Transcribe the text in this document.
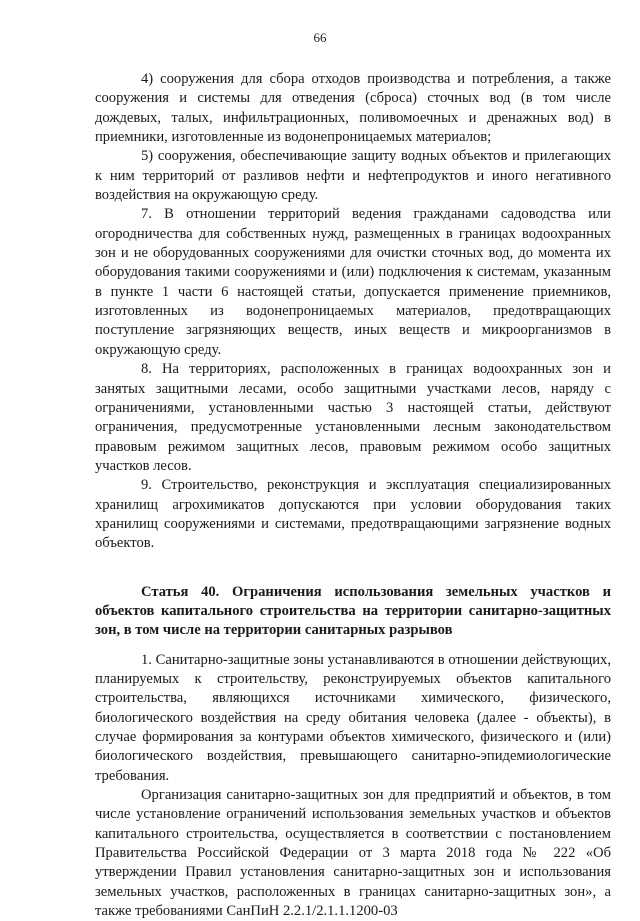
66

4) сооружения для сбора отходов производства и потребления, а также сооружения и системы для отведения (сброса) сточных вод (в том числе дождевых, талых, инфильтрационных, поливомоечных и дренажных вод) в приемники, изготовленные из водонепроницаемых материалов;

5) сооружения, обеспечивающие защиту водных объектов и прилегающих к ним территорий от разливов нефти и нефтепродуктов и иного негативного воздействия на окружающую среду.

7. В отношении территорий ведения гражданами садоводства или огородничества для собственных нужд, размещенных в границах водоохранных зон и не оборудованных сооружениями для очистки сточных вод, до момента их оборудования такими сооружениями и (или) подключения к системам, указанным в пункте 1 части 6 настоящей статьи, допускается применение приемников, изготовленных из водонепроницаемых материалов, предотвращающих поступление загрязняющих веществ, иных веществ и микроорганизмов в окружающую среду.

8. На территориях, расположенных в границах водоохранных зон и занятых защитными лесами, особо защитными участками лесов, наряду с ограничениями, установленными частью 3 настоящей статьи, действуют ограничения, предусмотренные установленными лесным законодательством правовым режимом защитных лесов, правовым режимом особо защитных участков лесов.

9. Строительство, реконструкция и эксплуатация специализированных хранилищ агрохимикатов допускаются при условии оборудования таких хранилищ сооружениями и системами, предотвращающими загрязнение водных объектов.

Статья 40. Ограничения использования земельных участков и объектов капитального строительства на территории санитарно-защитных зон, в том числе на территории санитарных разрывов

1. Санитарно-защитные зоны устанавливаются в отношении действующих, планируемых к строительству, реконструируемых объектов капитального строительства, являющихся источниками химического, физического, биологического воздействия на среду обитания человека (далее - объекты), в случае формирования за контурами объектов химического, физического и (или) биологического воздействия, превышающего санитарно-эпидемиологические требования.

Организация санитарно-защитных зон для предприятий и объектов, в том числе установление ограничений использования земельных участков и объектов капитального строительства, осуществляется в соответствии с постановлением Правительства Российской Федерации от 3 марта 2018 года № 222 «Об утверждении Правил установления санитарно-защитных зон и использования земельных участков, расположенных в границах санитарно-защитных зон», а также требованиями СанПиН 2.2.1/2.1.1.1200-03
